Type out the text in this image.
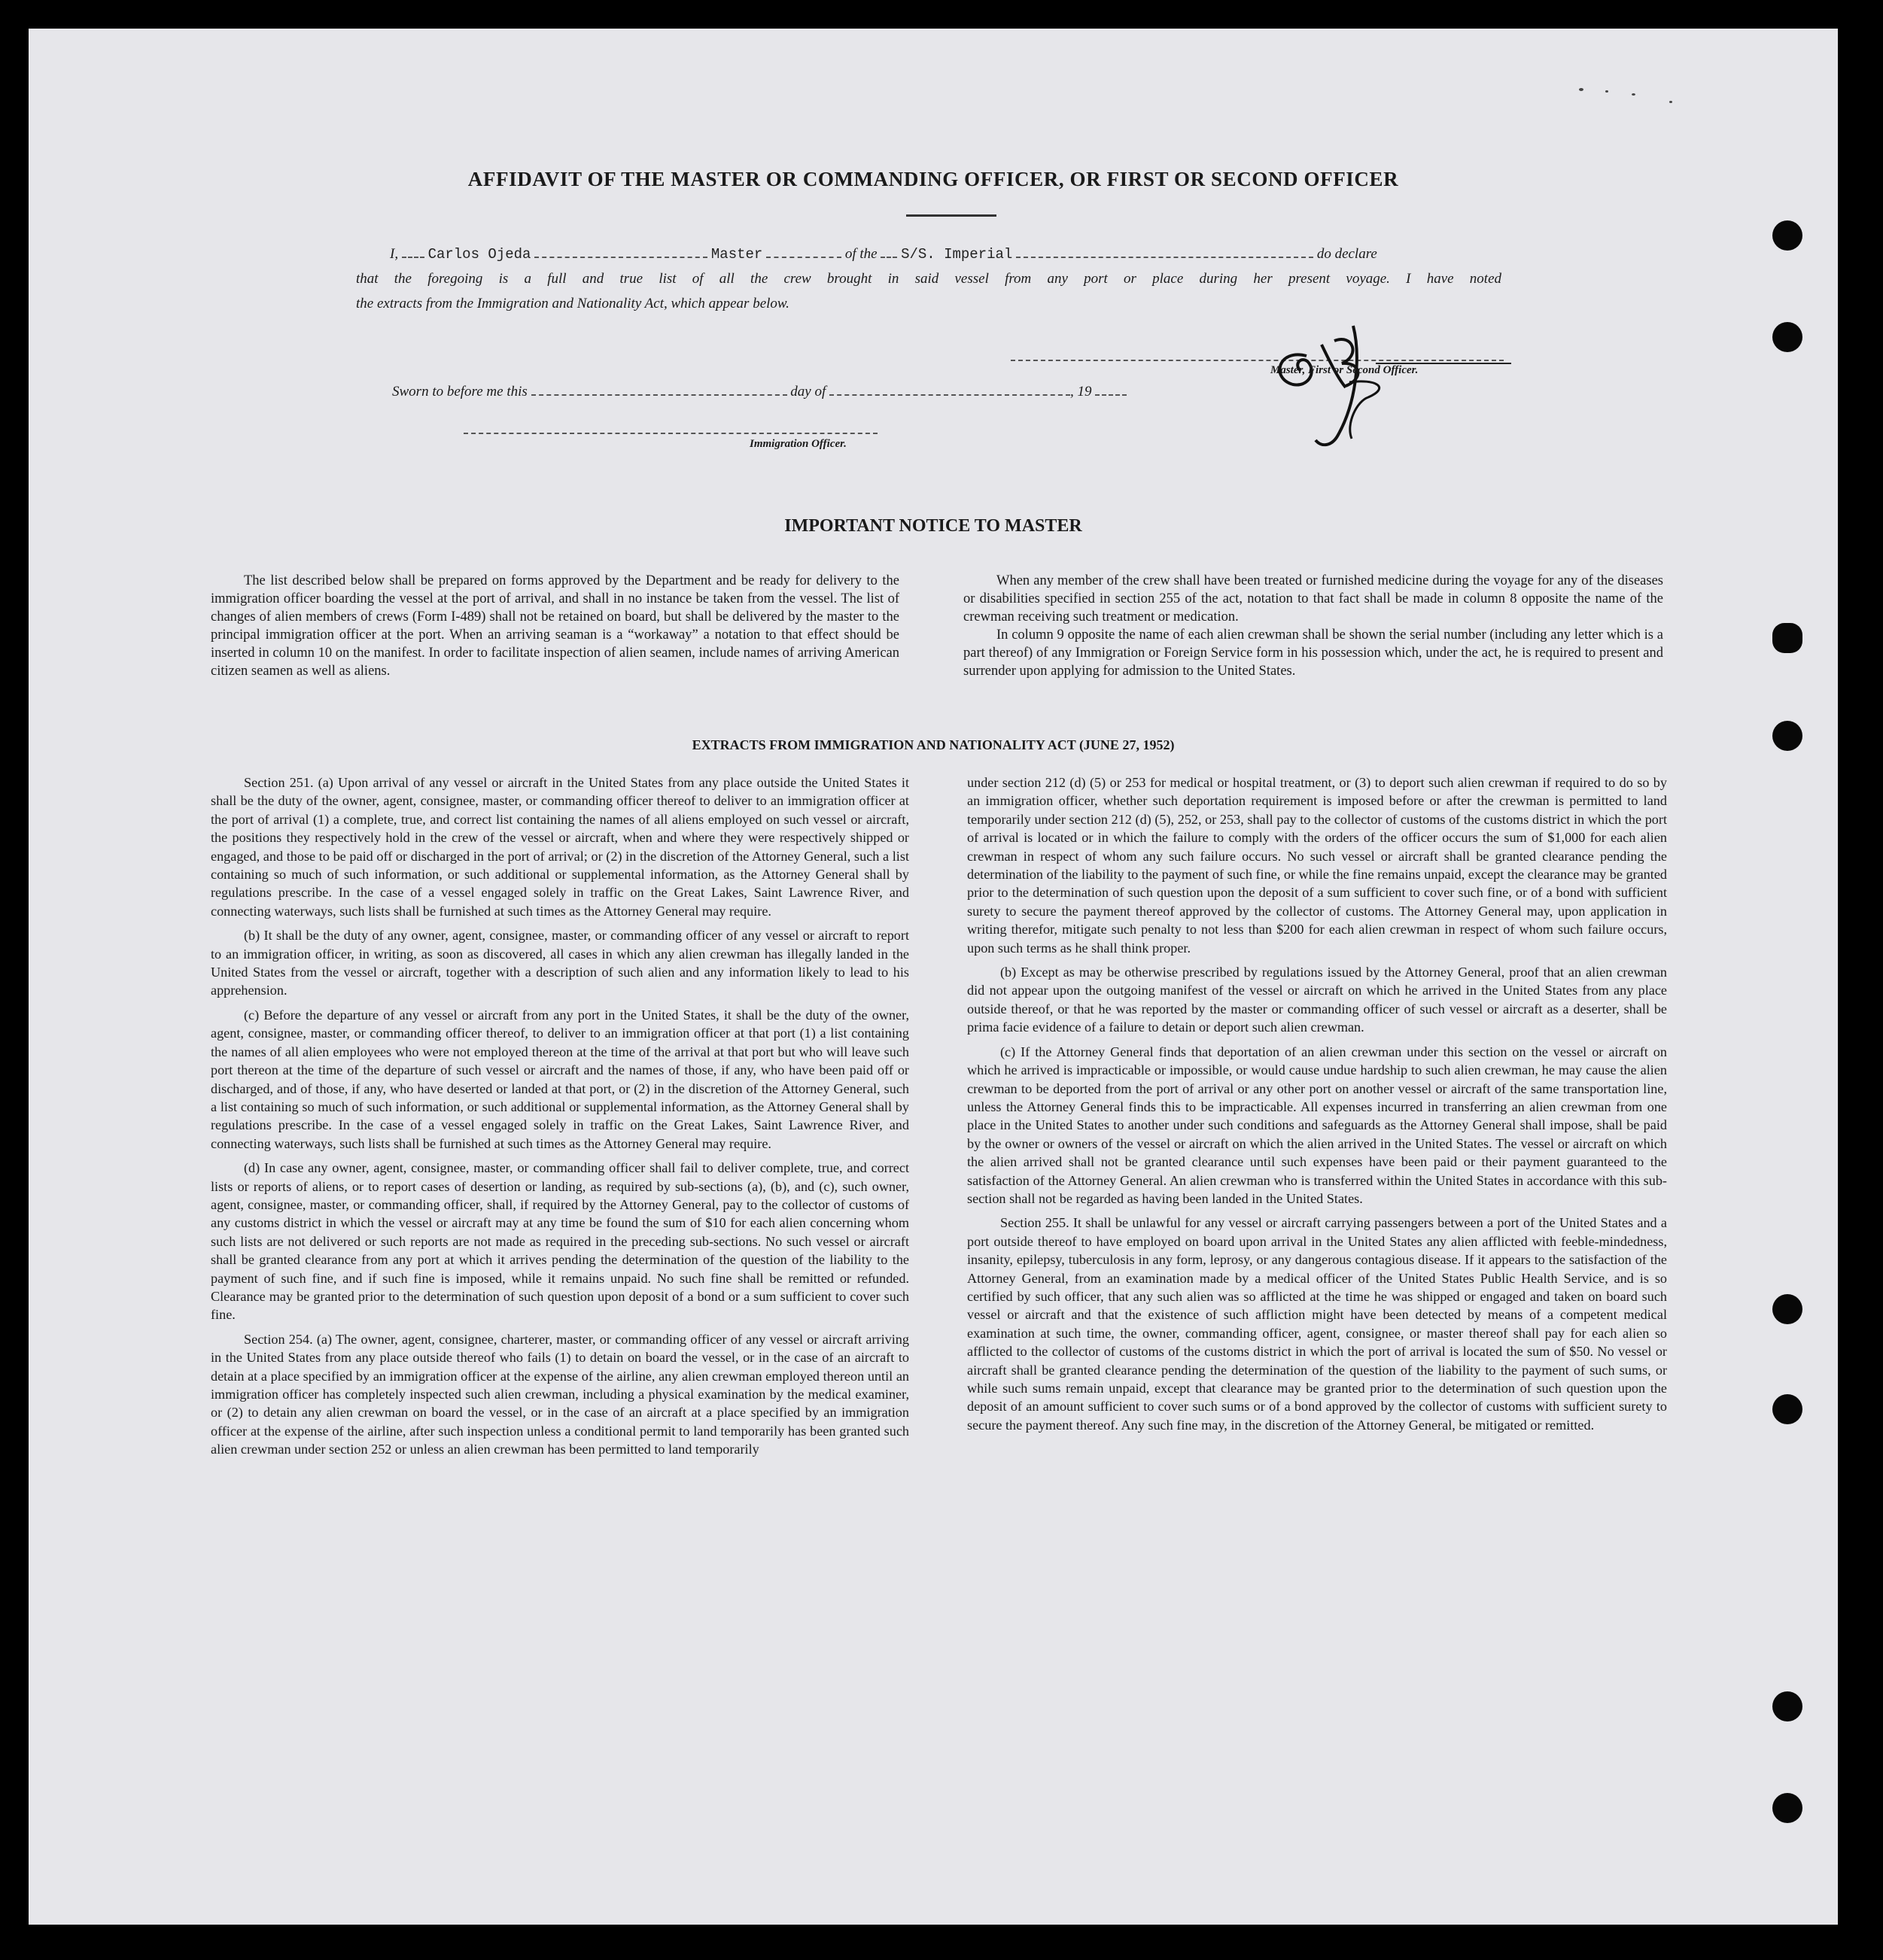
AFFIDAVIT OF THE MASTER OR COMMANDING OFFICER, OR FIRST OR SECOND OFFICER
I, Carlos Ojeda	Master	of the S/S. Imperial	do declare
that the foregoing is a full and true list of all the crew brought in said vessel from any port or place during her present voyage. I have noted
the extracts from the Immigration and Nationality Act, which appear below.
Master, First or Second Officer.
Sworn to before me this	day of	, 19
Immigration Officer.
IMPORTANT NOTICE TO MASTER

The list described below shall be prepared on forms approved by the Department and be ready for delivery to the immigration officer boarding the vessel at the port of arrival, and shall in no instance be taken from the vessel. The list of changes of alien members of crews (Form I-489) shall not be retained on board, but shall be delivered by the master to the principal immigration officer at the port. When an arriving seaman is a “workaway” a notation to that effect should be inserted in column 10 on the manifest. In order to facilitate inspection of alien seamen, include names of arriving American citizen seamen as well as aliens.

When any member of the crew shall have been treated or furnished medicine during the voyage for any of the diseases or disabilities specified in section 255 of the act, notation to that fact shall be made in column 8 opposite the name of the crewman receiving such treatment or medication.

In column 9 opposite the name of each alien crewman shall be shown the serial number (including any letter which is a part thereof) of any Immigration or Foreign Service form in his possession which, under the act, he is required to present and surrender upon applying for admission to the United States.

EXTRACTS FROM IMMIGRATION AND NATIONALITY ACT (JUNE 27, 1952)

Section 251. (a) Upon arrival of any vessel or aircraft in the United States from any place outside the United States it shall be the duty of the owner, agent, consignee, master, or commanding officer thereof to deliver to an immigration officer at the port of arrival (1) a complete, true, and correct list containing the names of all aliens employed on such vessel or aircraft, the positions they respectively hold in the crew of the vessel or aircraft, when and where they were respectively shipped or engaged, and those to be paid off or discharged in the port of arrival; or (2) in the discretion of the Attorney General, such a list containing so much of such information, or such additional or supplemental information, as the Attorney General shall by regulations prescribe. In the case of a vessel engaged solely in traffic on the Great Lakes, Saint Lawrence River, and connecting waterways, such lists shall be furnished at such times as the Attorney General may require.

(b) It shall be the duty of any owner, agent, consignee, master, or commanding officer of any vessel or aircraft to report to an immigration officer, in writing, as soon as discovered, all cases in which any alien crewman has illegally landed in the United States from the vessel or aircraft, together with a description of such alien and any information likely to lead to his apprehension.

(c) Before the departure of any vessel or aircraft from any port in the United States, it shall be the duty of the owner, agent, consignee, master, or commanding officer thereof, to deliver to an immigration officer at that port (1) a list containing the names of all alien employees who were not employed thereon at the time of the arrival at that port but who will leave such port thereon at the time of the departure of such vessel or aircraft and the names of those, if any, who have been paid off or discharged, and of those, if any, who have deserted or landed at that port, or (2) in the discretion of the Attorney General, such a list containing so much of such information, or such additional or supplemental information, as the Attorney General shall by regulations prescribe. In the case of a vessel engaged solely in traffic on the Great Lakes, Saint Lawrence River, and connecting waterways, such lists shall be furnished at such times as the Attorney General may require.

(d) In case any owner, agent, consignee, master, or commanding officer shall fail to deliver complete, true, and correct lists or reports of aliens, or to report cases of desertion or landing, as required by sub-sections (a), (b), and (c), such owner, agent, consignee, master, or commanding officer, shall, if required by the Attorney General, pay to the collector of customs of any customs district in which the vessel or aircraft may at any time be found the sum of $10 for each alien concerning whom such lists are not delivered or such reports are not made as required in the preceding sub-sections. No such vessel or aircraft shall be granted clearance from any port at which it arrives pending the determination of the question of the liability to the payment of such fine, and if such fine is imposed, while it remains unpaid. No such fine shall be remitted or refunded. Clearance may be granted prior to the determination of such question upon deposit of a bond or a sum sufficient to cover such fine.

Section 254. (a) The owner, agent, consignee, charterer, master, or commanding officer of any vessel or aircraft arriving in the United States from any place outside thereof who fails (1) to detain on board the vessel, or in the case of an aircraft to detain at a place specified by an immigration officer at the expense of the airline, any alien crewman employed thereon until an immigration officer has completely inspected such alien crewman, including a physical examination by the medical examiner, or (2) to detain any alien crewman on board the vessel, or in the case of an aircraft at a place specified by an immigration officer at the expense of the airline, after such inspection unless a conditional permit to land temporarily has been granted such alien crewman under section 252 or unless an alien crewman has been permitted to land temporarily

under section 212 (d) (5) or 253 for medical or hospital treatment, or (3) to deport such alien crewman if required to do so by an immigration officer, whether such deportation requirement is imposed before or after the crewman is permitted to land temporarily under section 212 (d) (5), 252, or 253, shall pay to the collector of customs of the customs district in which the port of arrival is located or in which the failure to comply with the orders of the officer occurs the sum of $1,000 for each alien crewman in respect of whom any such failure occurs. No such vessel or aircraft shall be granted clearance pending the determination of the liability to the payment of such fine, or while the fine remains unpaid, except the clearance may be granted prior to the determination of such question upon the deposit of a sum sufficient to cover such fine, or of a bond with sufficient surety to secure the payment thereof approved by the collector of customs. The Attorney General may, upon application in writing therefor, mitigate such penalty to not less than $200 for each alien crewman in respect of whom such failure occurs, upon such terms as he shall think proper.

(b) Except as may be otherwise prescribed by regulations issued by the Attorney General, proof that an alien crewman did not appear upon the outgoing manifest of the vessel or aircraft on which he arrived in the United States from any place outside thereof, or that he was reported by the master or commanding officer of such vessel or aircraft as a deserter, shall be prima facie evidence of a failure to detain or deport such alien crewman.

(c) If the Attorney General finds that deportation of an alien crewman under this section on the vessel or aircraft on which he arrived is impracticable or impossible, or would cause undue hardship to such alien crewman, he may cause the alien crewman to be deported from the port of arrival or any other port on another vessel or aircraft of the same transportation line, unless the Attorney General finds this to be impracticable. All expenses incurred in transferring an alien crewman from one place in the United States to another under such conditions and safeguards as the Attorney General shall impose, shall be paid by the owner or owners of the vessel or aircraft on which the alien arrived in the United States. The vessel or aircraft on which the alien arrived shall not be granted clearance until such expenses have been paid or their payment guaranteed to the satisfaction of the Attorney General. An alien crewman who is transferred within the United States in accordance with this sub-section shall not be regarded as having been landed in the United States.

Section 255. It shall be unlawful for any vessel or aircraft carrying passengers between a port of the United States and a port outside thereof to have employed on board upon arrival in the United States any alien afflicted with feeble-mindedness, insanity, epilepsy, tuberculosis in any form, leprosy, or any dangerous contagious disease. If it appears to the satisfaction of the Attorney General, from an examination made by a medical officer of the United States Public Health Service, and is so certified by such officer, that any such alien was so afflicted at the time he was shipped or engaged and taken on board such vessel or aircraft and that the existence of such affliction might have been detected by means of a competent medical examination at such time, the owner, commanding officer, agent, consignee, or master thereof shall pay for each alien so afflicted to the collector of customs of the customs district in which the port of arrival is located the sum of $50. No vessel or aircraft shall be granted clearance pending the determination of the question of the liability to the payment of such sums, or while such sums remain unpaid, except that clearance may be granted prior to the determination of such question upon the deposit of an amount sufficient to cover such sums or of a bond approved by the collector of customs with sufficient surety to secure the payment thereof. Any such fine may, in the discretion of the Attorney General, be mitigated or remitted.
